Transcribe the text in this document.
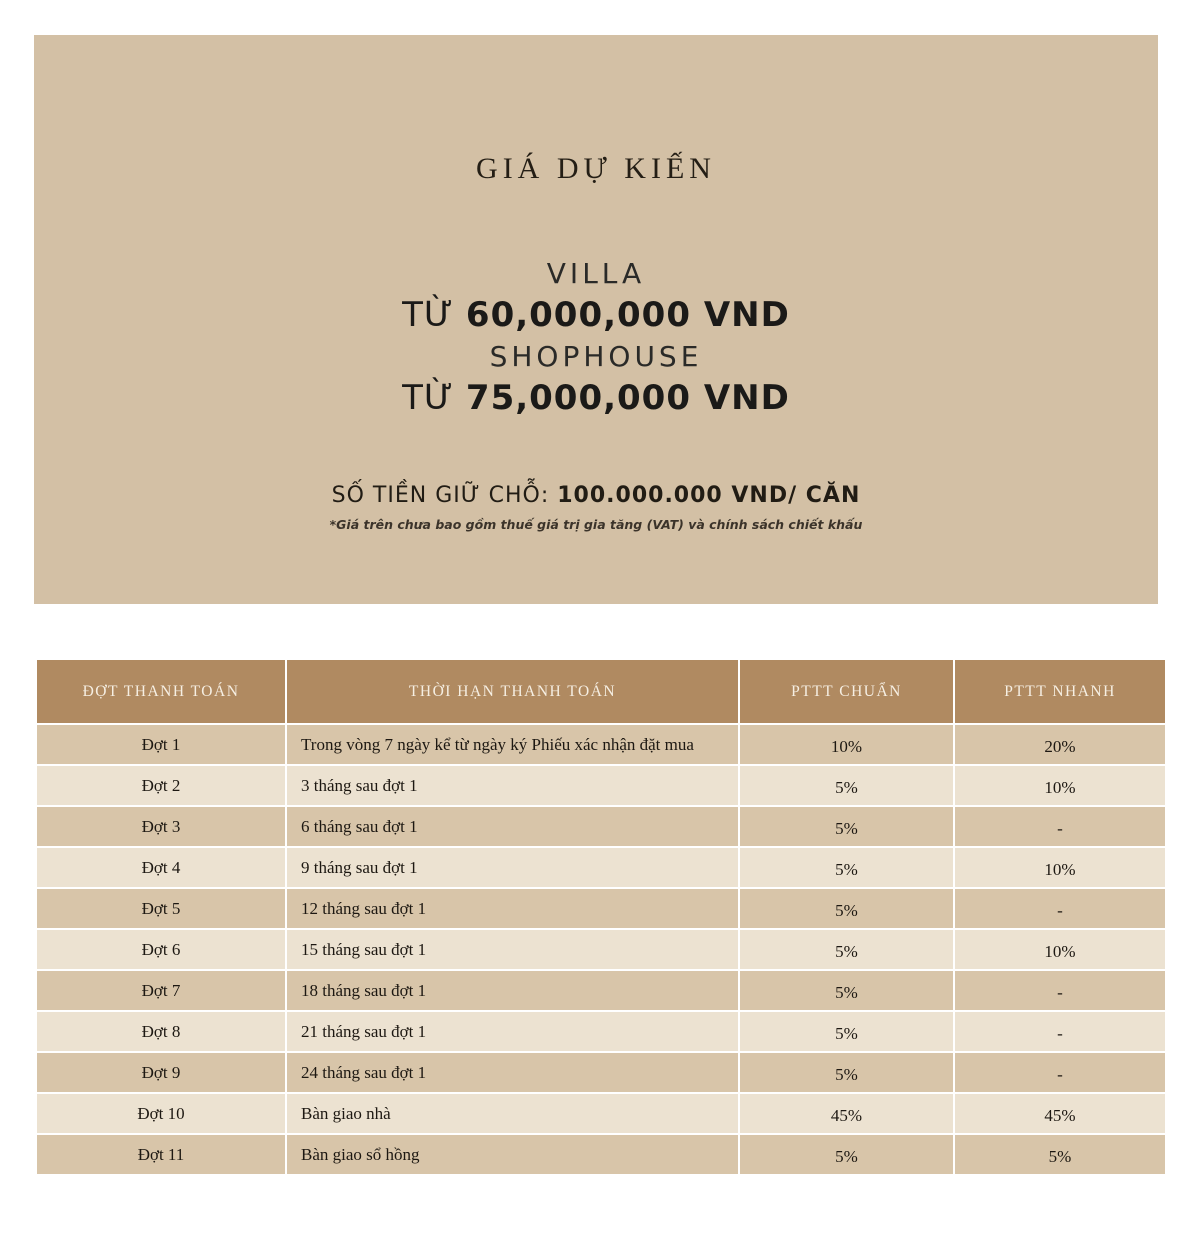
GIÁ DỰ KIẾN
VILLA
TỪ 60,000,000 VND
SHOPHOUSE
TỪ 75,000,000 VND
SỐ TIỀN GIỮ CHỖ: 100.000.000 VND/ CĂN
*Giá trên chưa bao gồm thuế giá trị gia tăng (VAT) và chính sách chiết khấu
ĐỢT THANH TOÁN	THỜI HẠN THANH TOÁN	PTTT CHUẨN	PTTT NHANH
Đợt 1	Trong vòng 7 ngày kể từ ngày ký Phiếu xác nhận đặt mua	10%	20%
Đợt 2	3 tháng sau đợt 1	5%	10%
Đợt 3	6 tháng sau đợt 1	5%	-
Đợt 4	9 tháng sau đợt 1	5%	10%
Đợt 5	12 tháng sau đợt 1	5%	-
Đợt 6	15 tháng sau đợt 1	5%	10%
Đợt 7	18 tháng sau đợt 1	5%	-
Đợt 8	21 tháng sau đợt 1	5%	-
Đợt 9	24 tháng sau đợt 1	5%	-
Đợt 10	Bàn giao nhà	45%	45%
Đợt 11	Bàn giao sổ hồng	5%	5%
